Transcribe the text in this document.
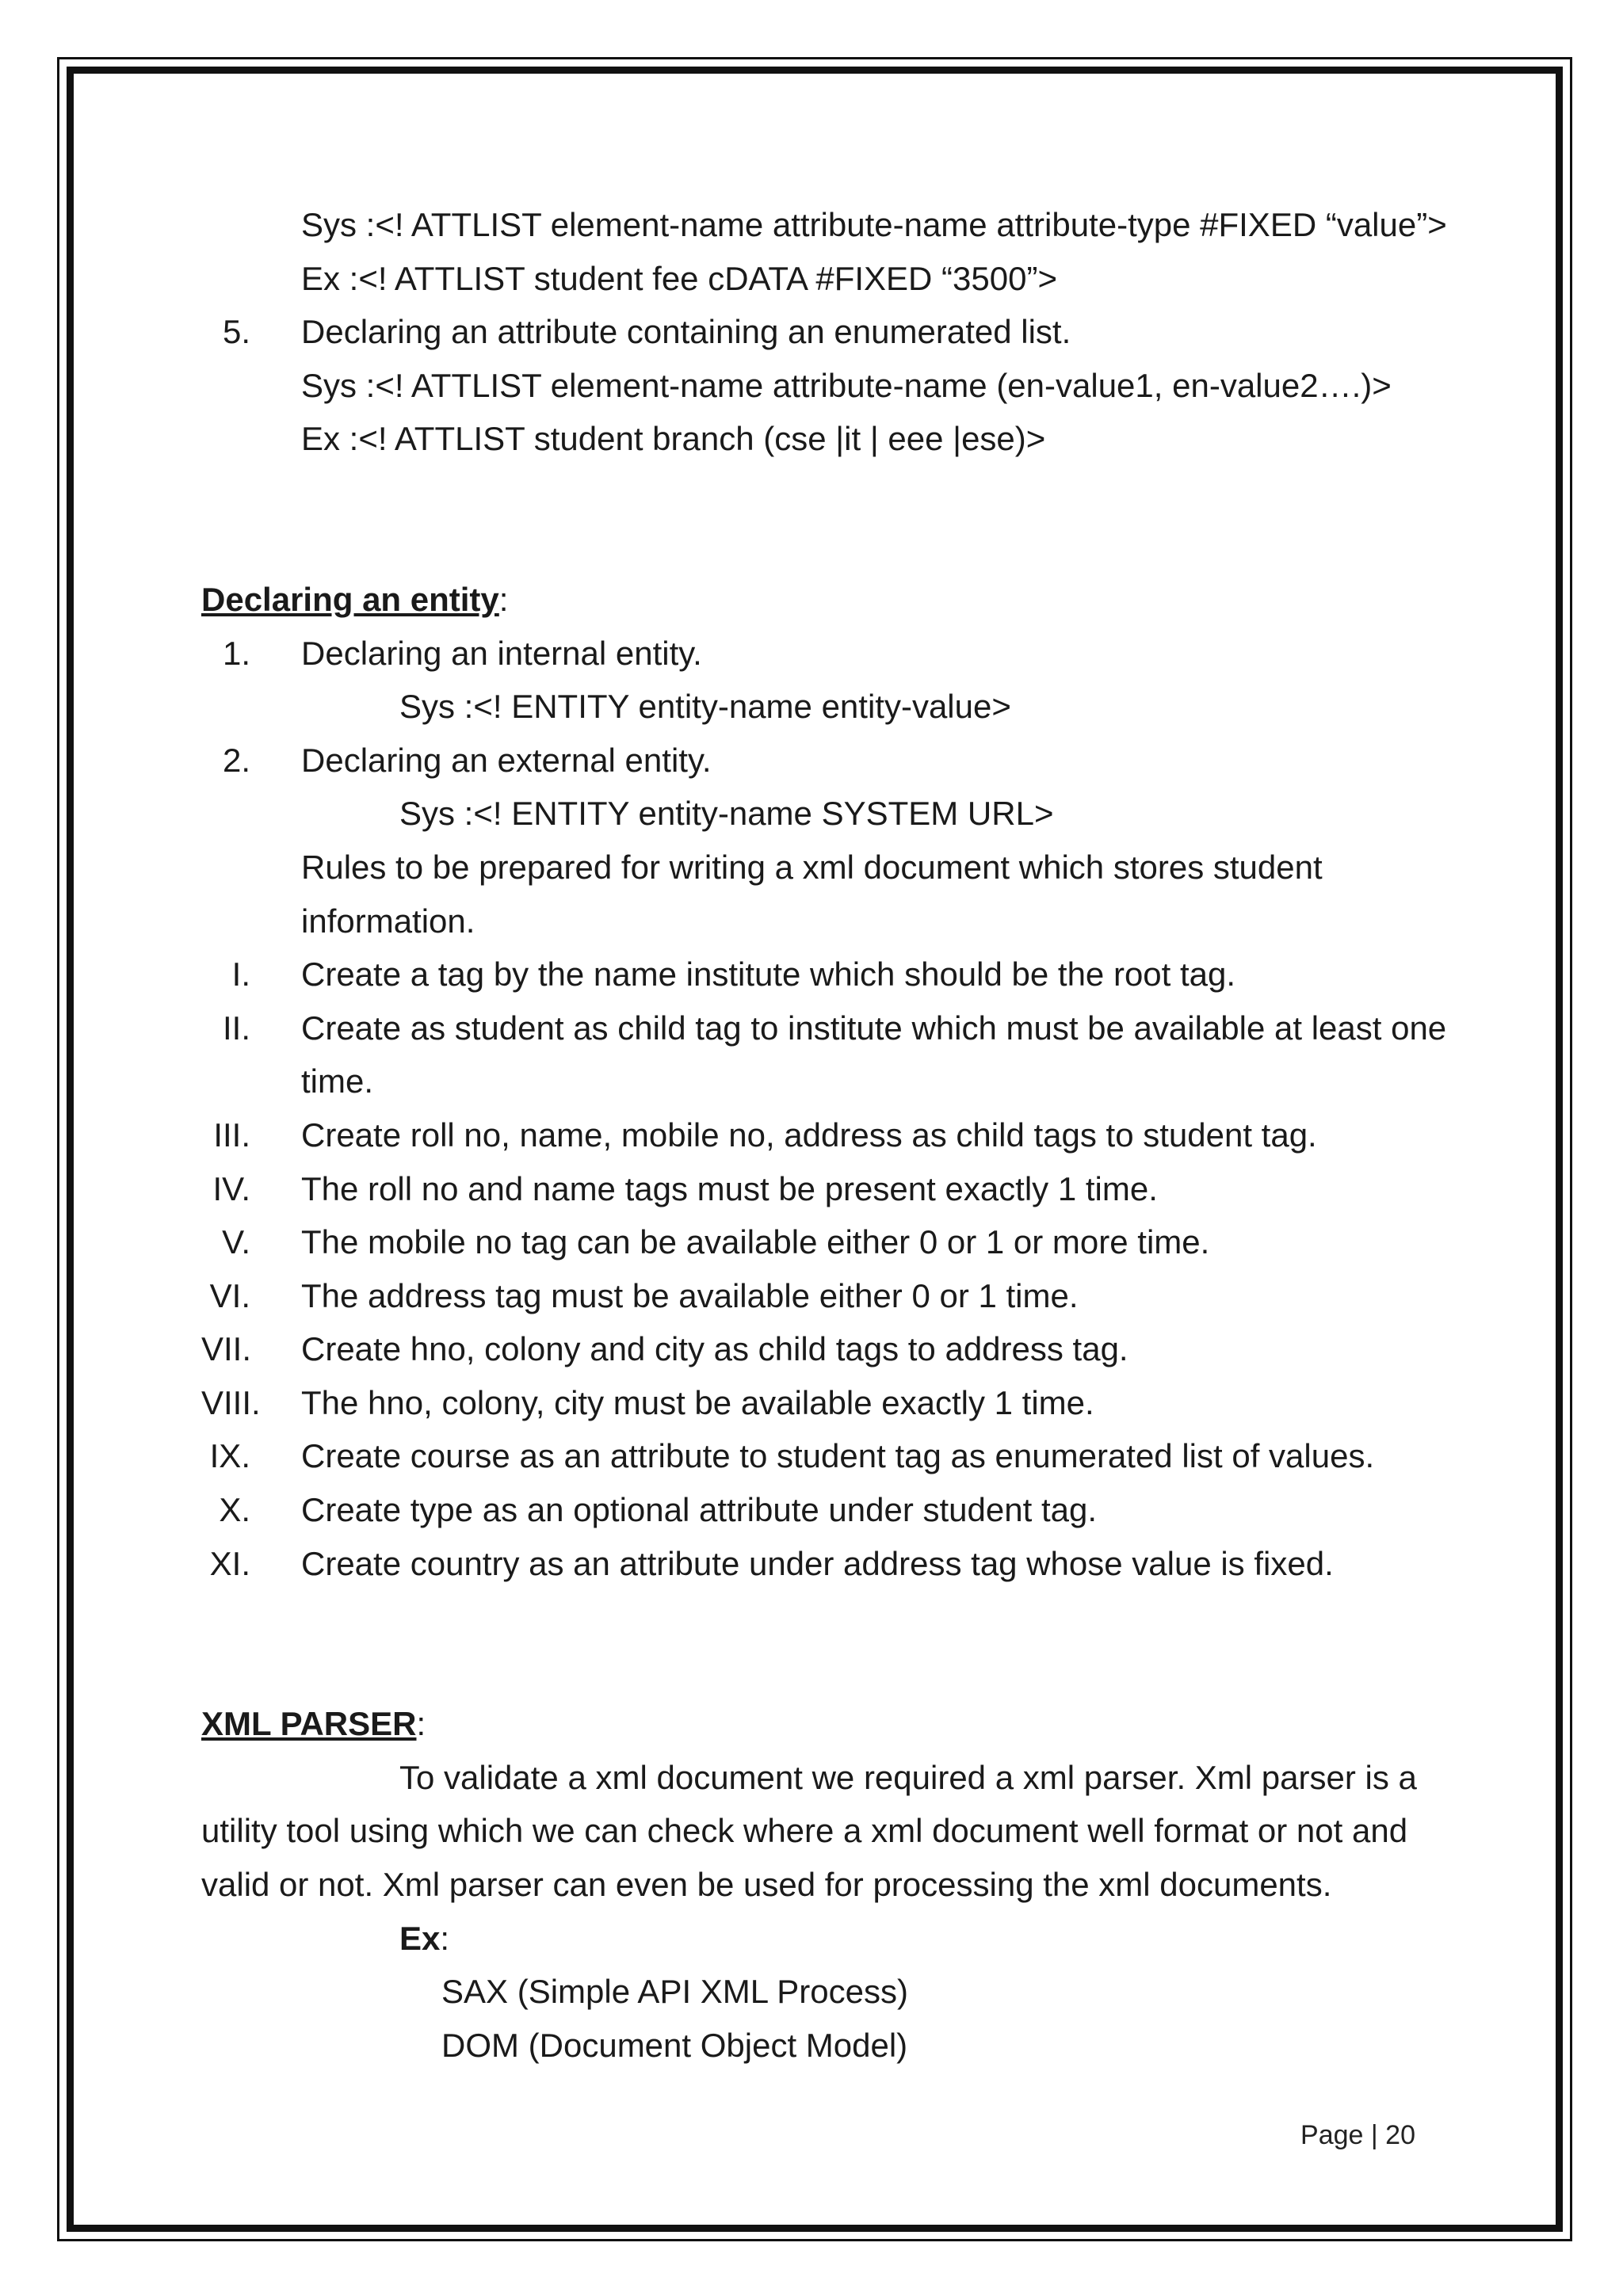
Sys :<! ATTLIST element-name attribute-name attribute-type #FIXED “value”>
Ex :<! ATTLIST student fee cDATA #FIXED “3500”>
5. Declaring an attribute containing an enumerated list.
Sys :<! ATTLIST element-name attribute-name (en-value1, en-value2….)>
Ex :<! ATTLIST student branch (cse |it | eee |ese)>
Declaring an entity:
1. Declaring an internal entity.
Sys :<! ENTITY entity-name entity-value>
2. Declaring an external entity.
Sys :<! ENTITY entity-name SYSTEM URL>
Rules to be prepared for writing a xml document which stores student
information.
I. Create a tag by the name institute which should be the root tag.
II. Create as student as child tag to institute which must be available at least one
time.
III. Create roll no, name, mobile no, address as child tags to student tag.
IV. The roll no and name tags must be present exactly 1 time.
V. The mobile no tag can be available either 0 or 1 or more time.
VI. The address tag must be available either 0 or 1 time.
VII. Create hno, colony and city as child tags to address tag.
VIII. The hno, colony, city must be available exactly 1 time.
IX. Create course as an attribute to student tag as enumerated list of values.
X. Create type as an optional attribute under student tag.
XI. Create country as an attribute under address tag whose value is fixed.
XML PARSER:
To validate a xml document we required a xml parser. Xml parser is a
utility tool using which we can check where a xml document well format or not and
valid or not. Xml parser can even be used for processing the xml documents.
Ex:
SAX (Simple API XML Process)
DOM (Document Object Model)
Page | 20
